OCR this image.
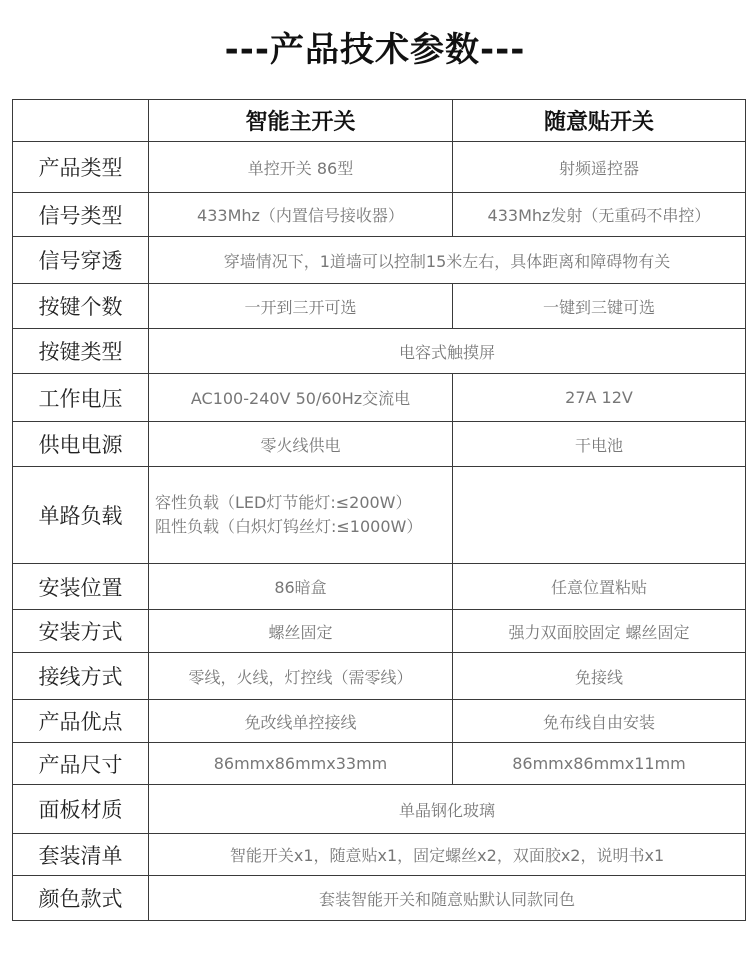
---产品技术参数---
	智能主开关	随意贴开关
产品类型	单控开关 86型	射频遥控器
信号类型	433Mhz（内置信号接收器）	433Mhz发射（无重码不串控）
信号穿透	穿墙情况下，1道墙可以控制15米左右，具体距离和障碍物有关	
按键个数	一开到三开可选	一键到三键可选
按键类型	电容式触摸屏	
工作电压	AC100-240V 50/60Hz交流电	27A 12V
供电电源	零火线供电	干电池
单路负载	容性负载（LED灯节能灯:≤200W）
阻性负载（白炽灯钨丝灯:≤1000W）	

安装位置	86暗盒	任意位置粘贴
安装方式	螺丝固定	强力双面胶固定 螺丝固定
接线方式	零线，火线，灯控线（需零线）	免接线
产品优点	免改线单控接线	免布线自由安装
产品尺寸	86mmx86mmx33mm	86mmx86mmx11mm
面板材质	单晶钢化玻璃	
套装清单	智能开关x1，随意贴x1，固定螺丝x2，双面胶x2，说明书x1	
颜色款式	套装智能开关和随意贴默认同款同色	
